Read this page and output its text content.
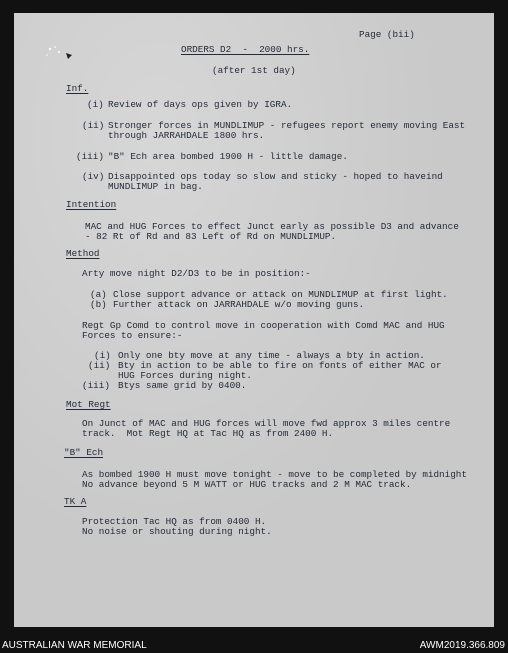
Page (bii)
ORDERS D2  -  2000 hrs.
(after 1st day)
Inf.
(i) Review of days ops given by IGRA.
(ii) Stronger forces in MUNDLIMUP - refugees report enemy moving East
through JARRAHDALE 1800 hrs.
(iii) "B" Ech area bombed 1900 H - little damage.
(iv) Disappointed ops today so slow and sticky - hoped to haveind
MUNDLIMUP in bag.
Intention
MAC and HUG Forces to effect Junct early as possible D3 and advance
- 82 Rt of Rd and 83 Left of Rd on MUNDLIMUP.
Method
Arty move night D2/D3 to be in position:-
(a) Close support advance or attack on MUNDLIMUP at first light.
(b) Further attack on JARRAHDALE w/o moving guns.
Regt Gp Comd to control move in cooperation with Comd MAC and HUG
Forces to ensure:-
(i) Only one bty move at any time - always a bty in action.
(ii) Bty in action to be able to fire on fonts of either MAC or
HUG Forces during night.
(iii) Btys same grid by 0400.
Mot Regt
On Junct of MAC and HUG forces will move fwd approx 3 miles centre
track.  Mot Regt HQ at Tac HQ as from 2400 H.
"B" Ech
As bombed 1900 H must move tonight - move to be completed by midnight
No advance beyond 5 M WATT or HUG tracks and 2 M MAC track.
TK A
Protection Tac HQ as from 0400 H.
No noise or shouting during night.
AUSTRALIAN WAR MEMORIAL	AWM2019.366.809
